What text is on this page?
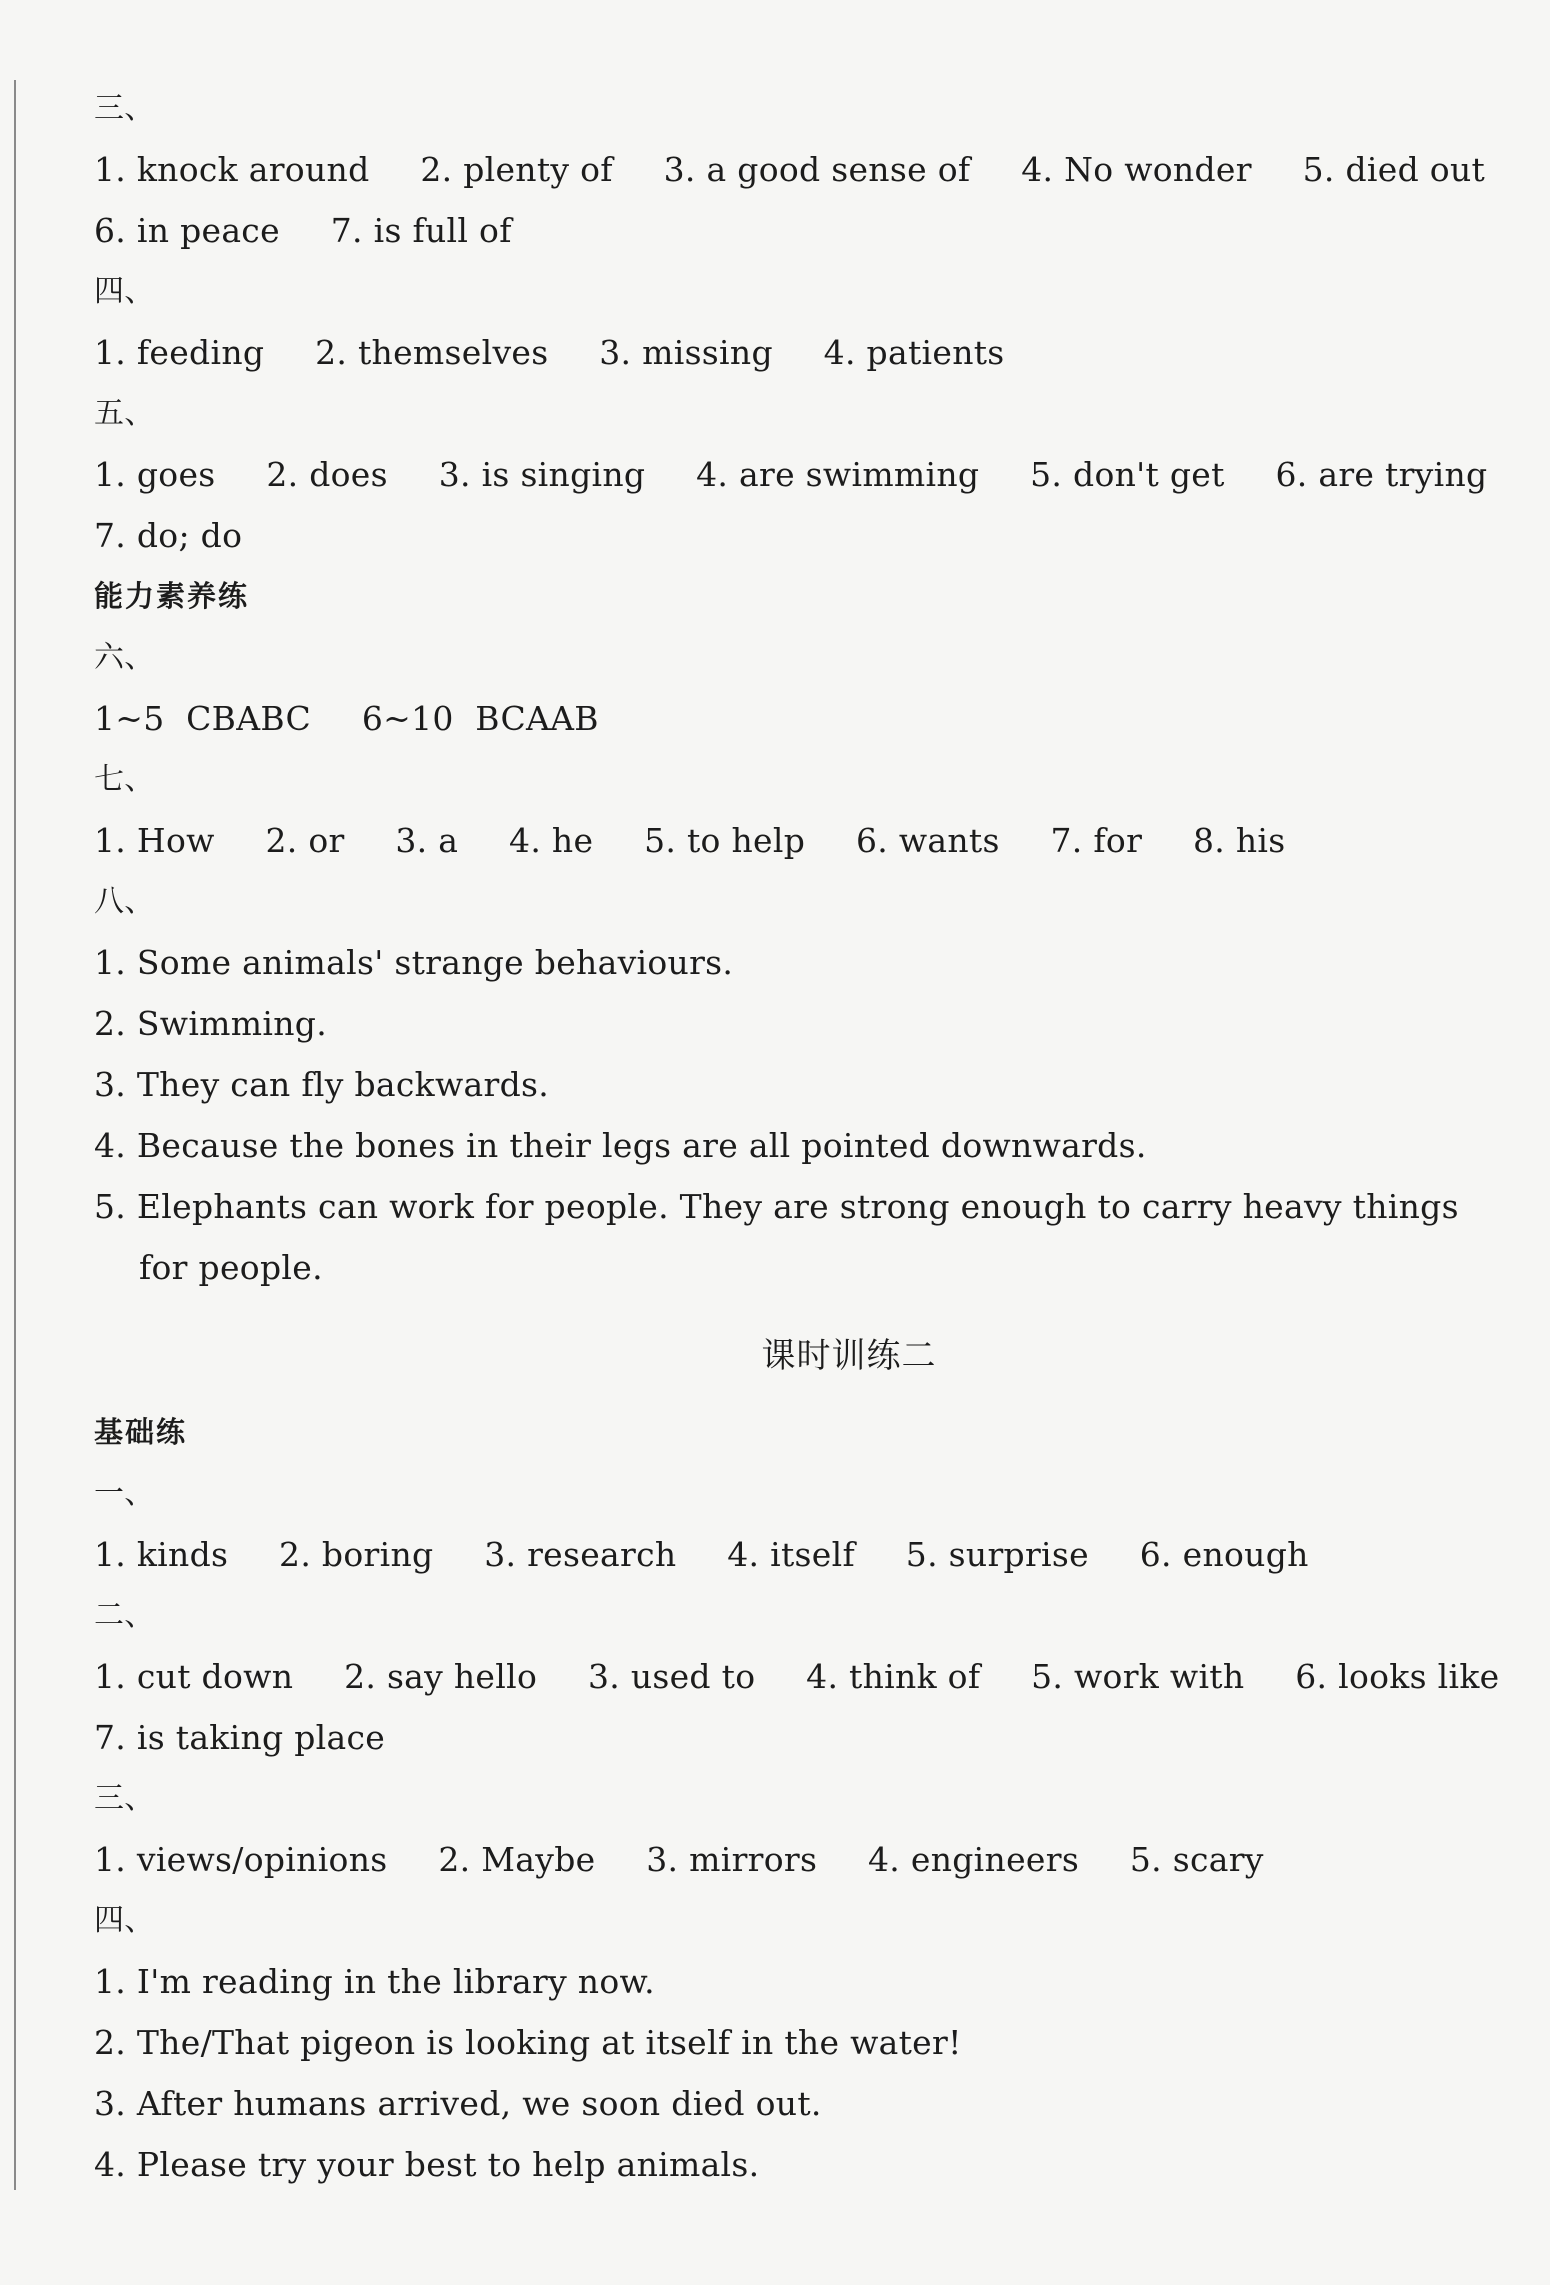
三、
1. knock around 2. plenty of 3. a good sense of 4. No wonder 5. died out
6. in peace 7. is full of
四、
1. feeding 2. themselves 3. missing 4. patients
五、
1. goes 2. does 3. is singing 4. are swimming 5. don't get 6. are trying
7. do; do
能力素养练
六、
1~5  CBABC 6~10  BCAAB
七、
1. How 2. or 3. a 4. he 5. to help 6. wants 7. for 8. his
八、
1. Some animals' strange behaviours.
2. Swimming.
3. They can fly backwards.
4. Because the bones in their legs are all pointed downwards.
5. Elephants can work for people. They are strong enough to carry heavy things for people.
课时训练二
基础练
一、
1. kinds 2. boring 3. research 4. itself 5. surprise 6. enough
二、
1. cut down 2. say hello 3. used to 4. think of 5. work with 6. looks like
7. is taking place
三、
1. views/opinions 2. Maybe 3. mirrors 4. engineers 5. scary
四、
1. I'm reading in the library now.
2. The/That pigeon is looking at itself in the water!
3. After humans arrived, we soon died out.
4. Please try your best to help animals.
